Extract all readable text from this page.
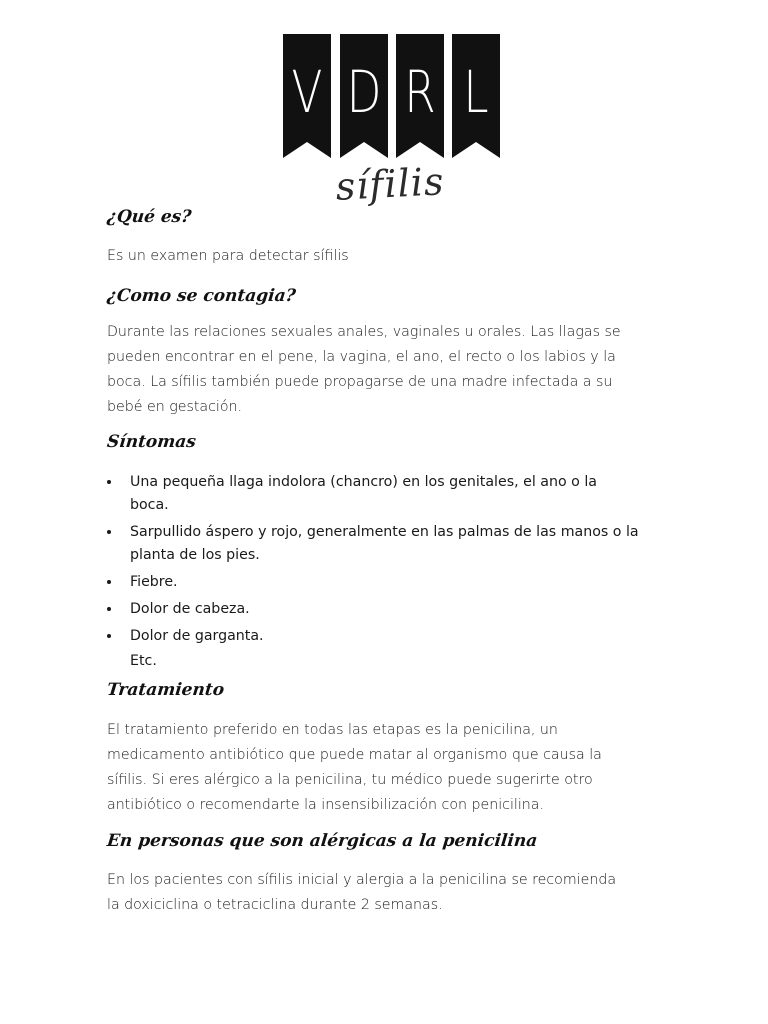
V D R L
sífilis
¿Qué es?

Es un examen para detectar sífilis

¿Como se contagia?

Durante las relaciones sexuales anales, vaginales u orales. Las llagas se

pueden encontrar en el pene, la vagina, el ano, el recto o los labios y la

boca. La sífilis también puede propagarse de una madre infectada a su

bebé en gestación.

Síntomas
Una pequeña llaga indolora (chancro) en los genitales, el ano o la
boca.
Sarpullido áspero y rojo, generalmente en las palmas de las manos o la
planta de los pies.
Fiebre.
Dolor de cabeza.
Dolor de garganta.
Etc.
Tratamiento

El tratamiento preferido en todas las etapas es la penicilina, un

medicamento antibiótico que puede matar al organismo que causa la

sífilis. Si eres alérgico a la penicilina, tu médico puede sugerirte otro

antibiótico o recomendarte la insensibilización con penicilina.

En personas que son alérgicas a la penicilina

En los pacientes con sífilis inicial y alergia a la penicilina se recomienda

la doxiciclina o tetraciclina durante 2 semanas.
